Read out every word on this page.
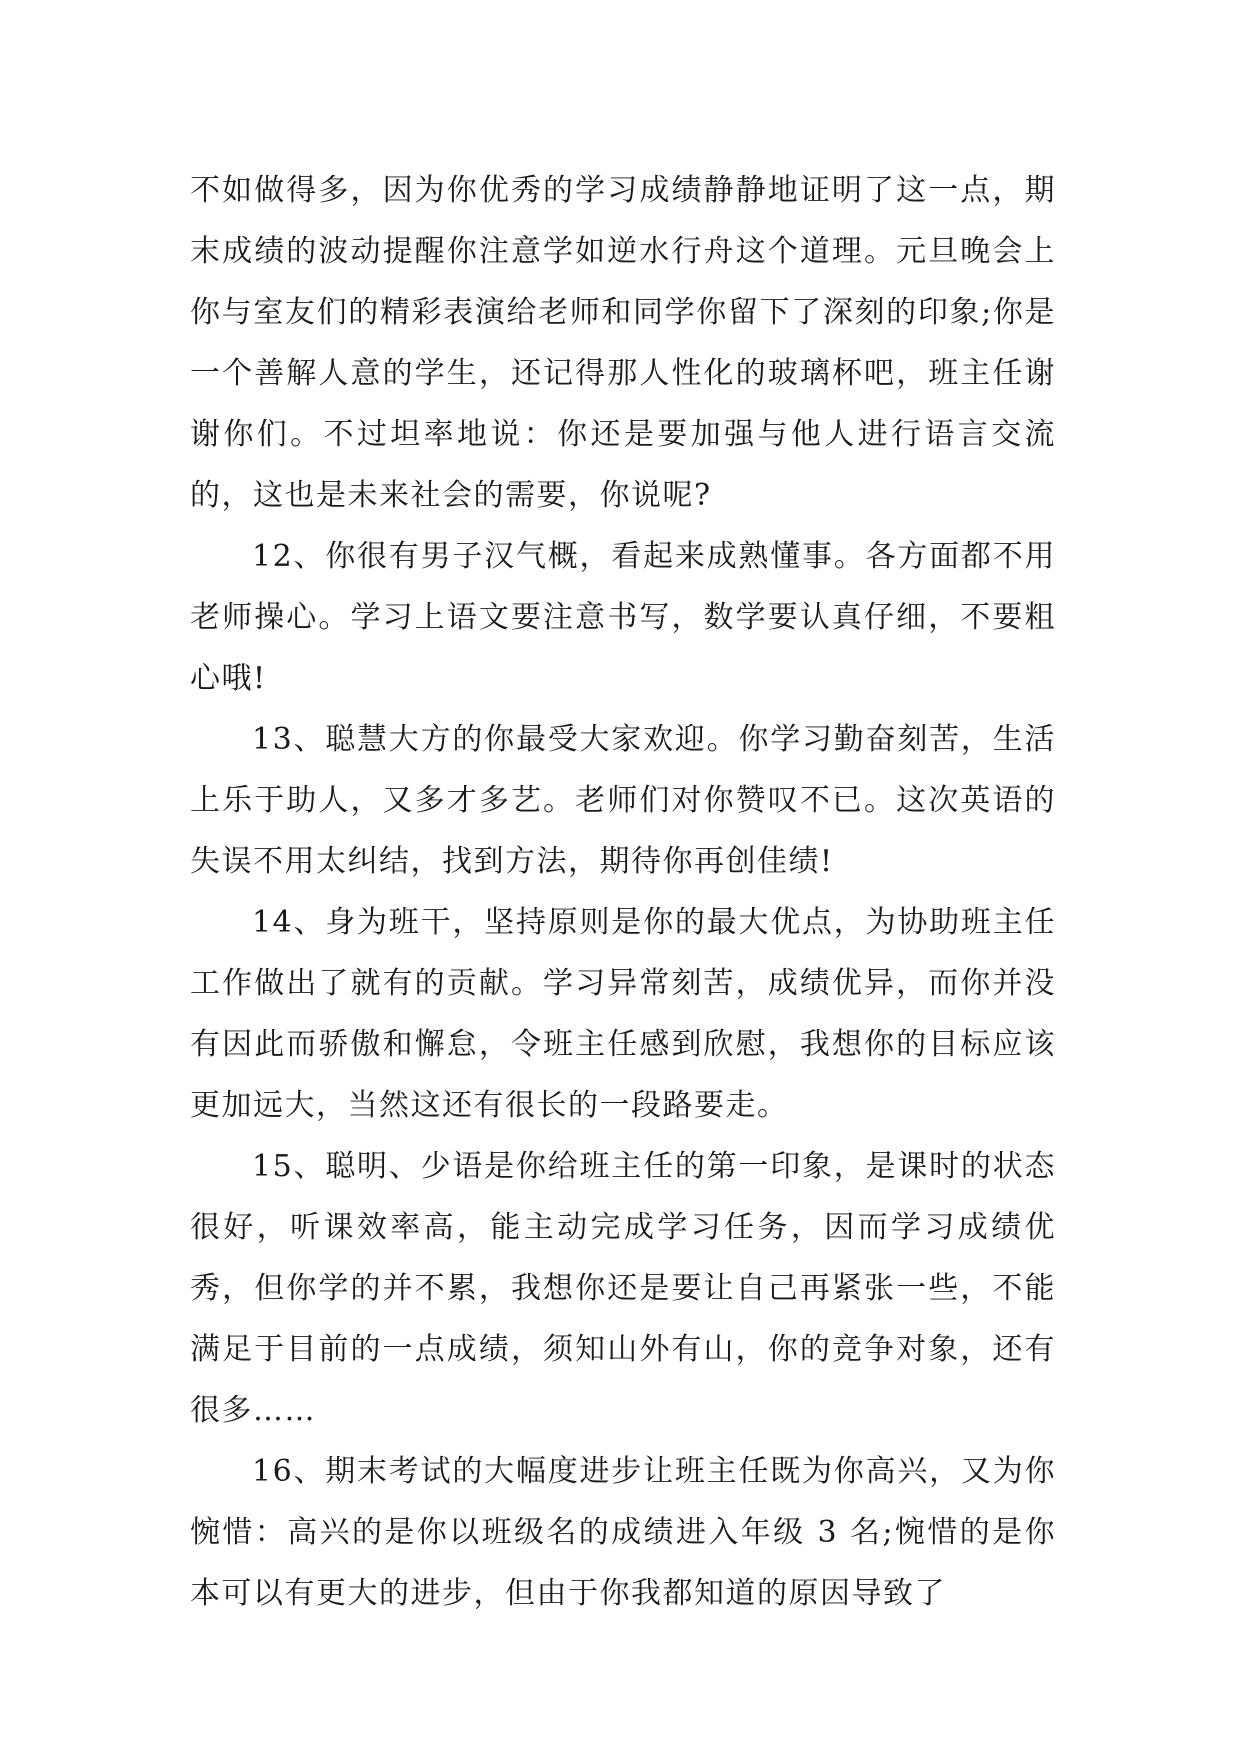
不如做得多，因为你优秀的学习成绩静静地证明了这一点，期末成绩的波动提醒你注意学如逆水行舟这个道理。元旦晚会上你与室友们的精彩表演给老师和同学你留下了深刻的印象;你是一个善解人意的学生，还记得那人性化的玻璃杯吧，班主任谢谢你们。不过坦率地说：你还是要加强与他人进行语言交流的，这也是未来社会的需要，你说呢?

12、你很有男子汉气概，看起来成熟懂事。各方面都不用老师操心。学习上语文要注意书写，数学要认真仔细，不要粗心哦!

13、聪慧大方的你最受大家欢迎。你学习勤奋刻苦，生活上乐于助人，又多才多艺。老师们对你赞叹不已。这次英语的失误不用太纠结，找到方法，期待你再创佳绩!

14、身为班干，坚持原则是你的最大优点，为协助班主任工作做出了就有的贡献。学习异常刻苦，成绩优异，而你并没有因此而骄傲和懈怠，令班主任感到欣慰，我想你的目标应该更加远大，当然这还有很长的一段路要走。

15、聪明、少语是你给班主任的第一印象，是课时的状态很好，听课效率高，能主动完成学习任务，因而学习成绩优秀，但你学的并不累，我想你还是要让自己再紧张一些，不能满足于目前的一点成绩，须知山外有山，你的竞争对象，还有很多……

16、期末考试的大幅度进步让班主任既为你高兴，又为你惋惜：高兴的是你以班级名的成绩进入年级 3 名;惋惜的是你本可以有更大的进步，但由于你我都知道的原因导致了
